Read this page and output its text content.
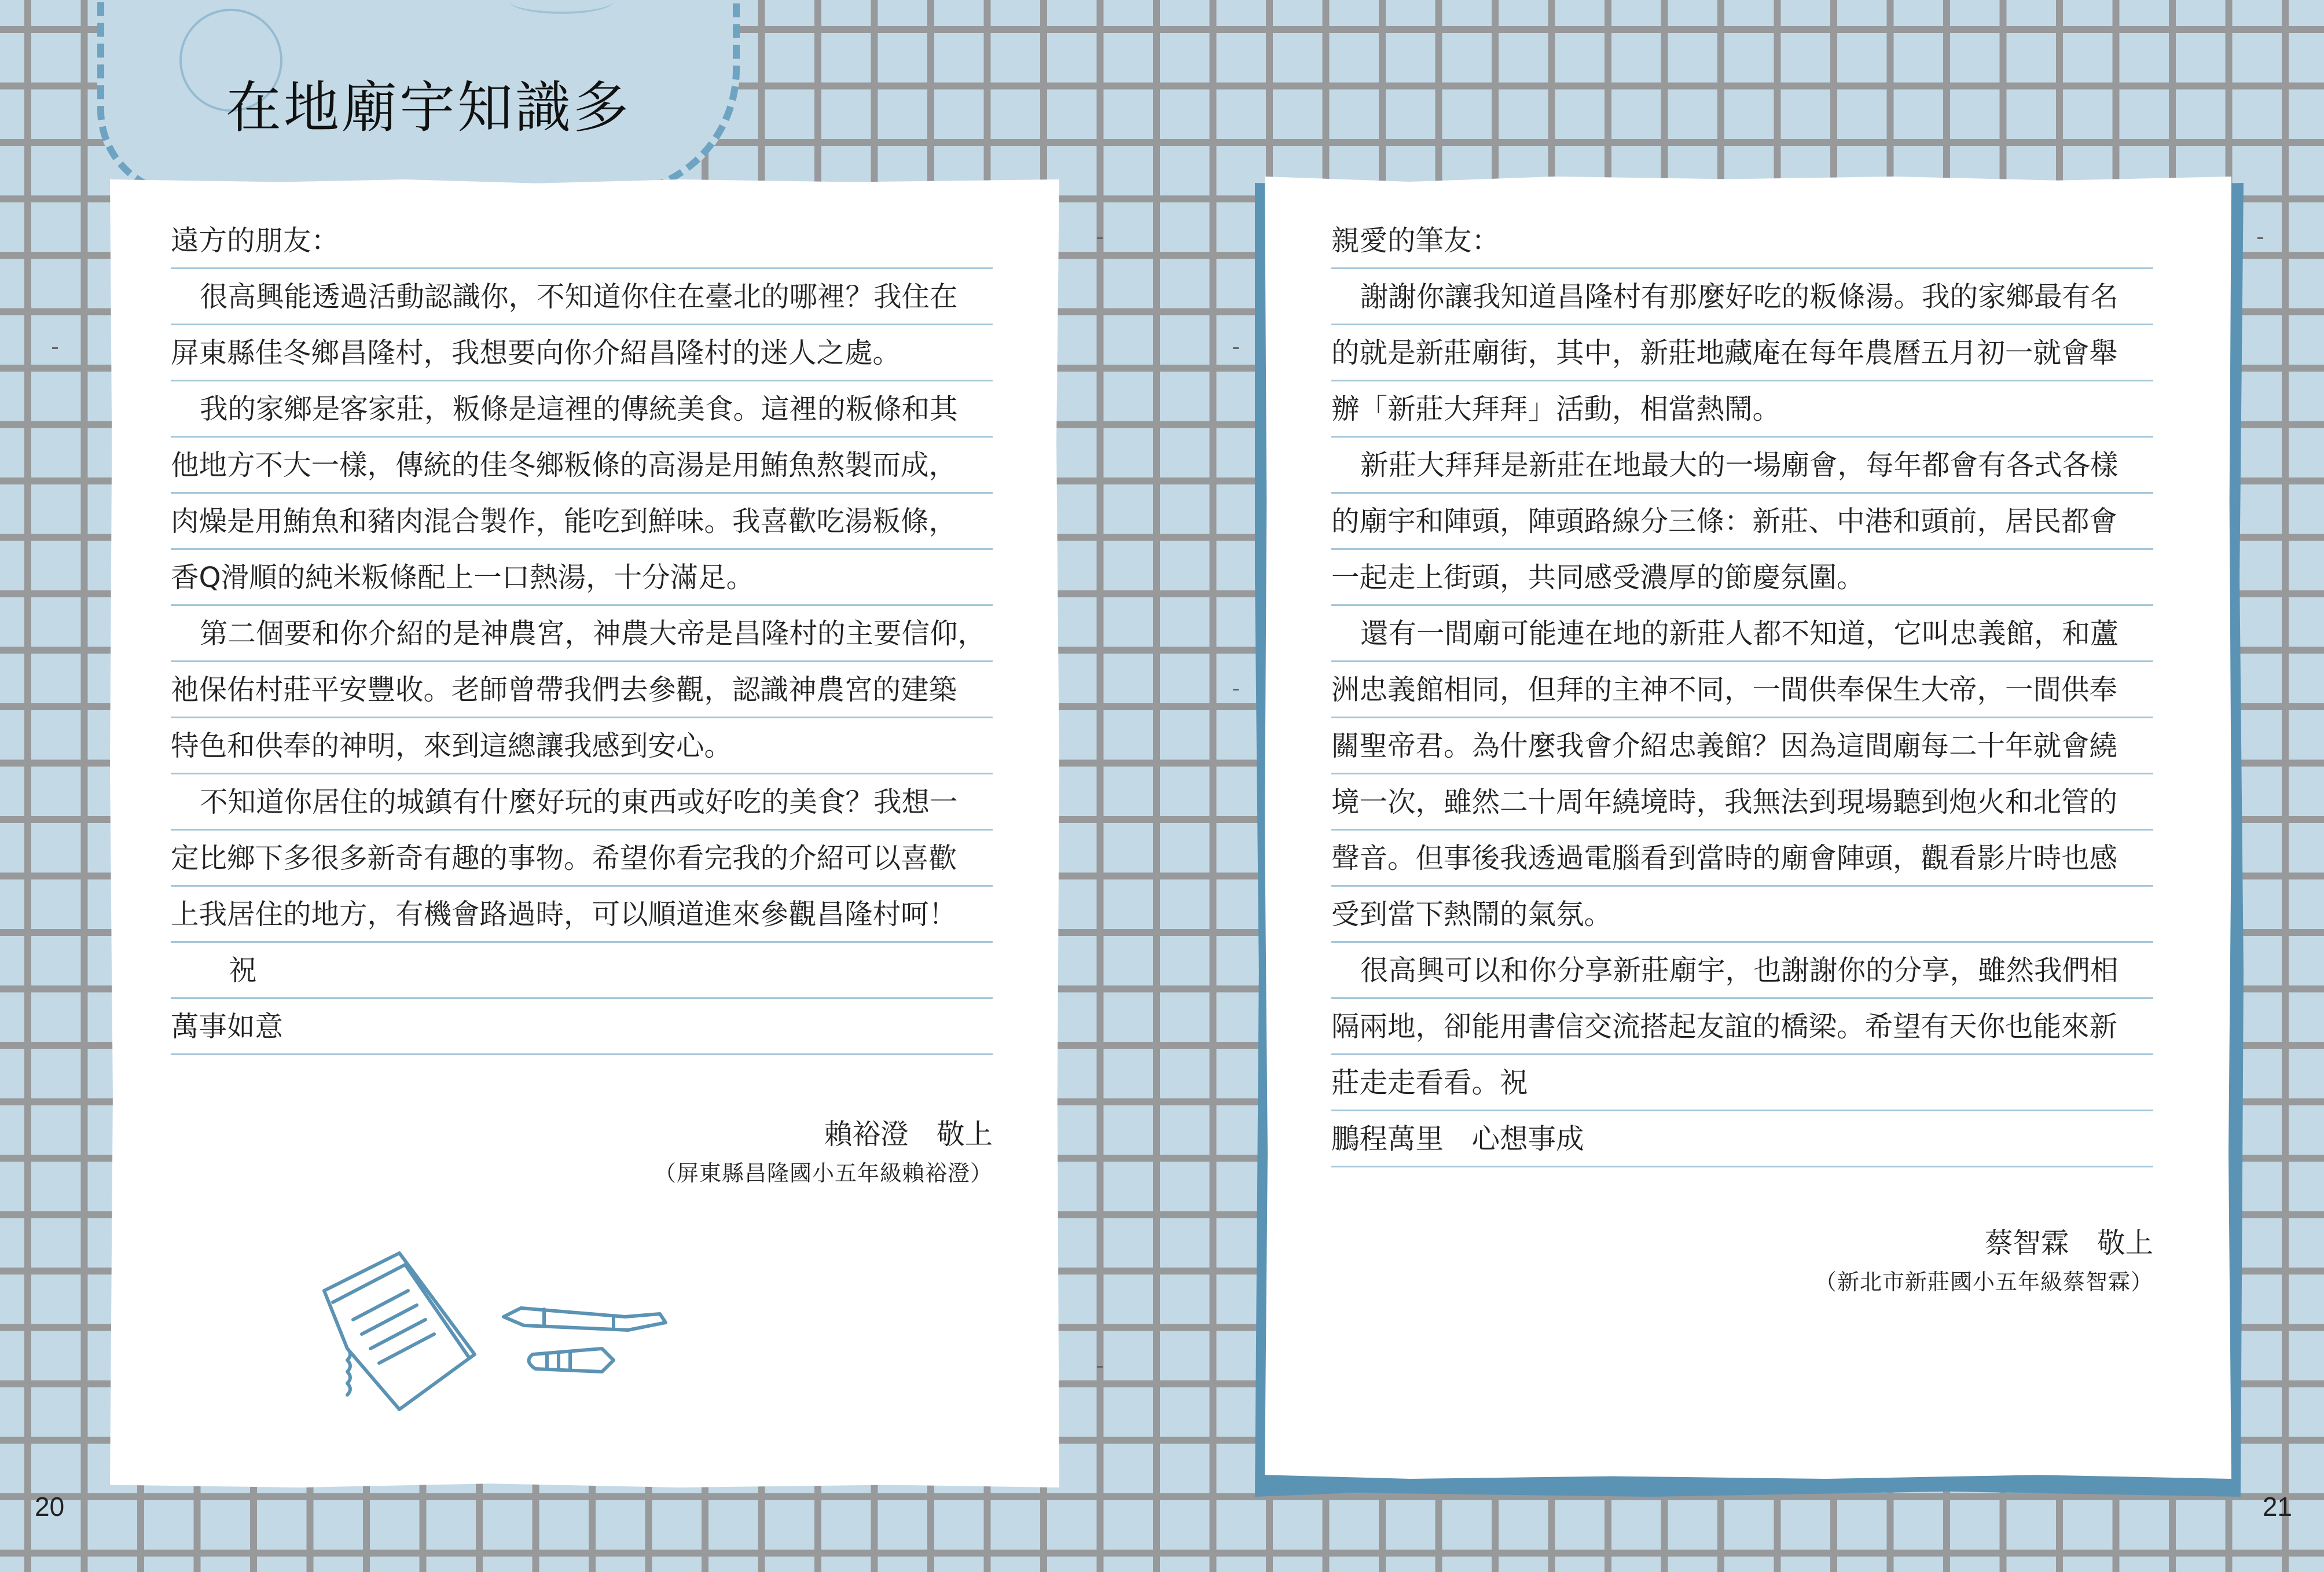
在地廟宇知識多
遠方的朋友：
很高興能透過活動認識你，不知道你住在臺北的哪裡？我住在
屏東縣佳冬鄉昌隆村，我想要向你介紹昌隆村的迷人之處。
我的家鄉是客家莊，粄條是這裡的傳統美食。這裡的粄條和其
他地方不大一樣，傳統的佳冬鄉粄條的高湯是用鮪魚熬製而成，
肉燥是用鮪魚和豬肉混合製作，能吃到鮮味。我喜歡吃湯粄條，
香Q滑順的純米粄條配上一口熱湯，十分滿足。
第二個要和你介紹的是神農宮，神農大帝是昌隆村的主要信仰，
祂保佑村莊平安豐收。老師曾帶我們去參觀，認識神農宮的建築
特色和供奉的神明，來到這總讓我感到安心。
不知道你居住的城鎮有什麼好玩的東西或好吃的美食？我想一
定比鄉下多很多新奇有趣的事物。希望你看完我的介紹可以喜歡
上我居住的地方，有機會路過時，可以順道進來參觀昌隆村呵！
祝
萬事如意
親愛的筆友：
謝謝你讓我知道昌隆村有那麼好吃的粄條湯。我的家鄉最有名
的就是新莊廟街，其中，新莊地藏庵在每年農曆五月初一就會舉
辦「新莊大拜拜」活動，相當熱鬧。
新莊大拜拜是新莊在地最大的一場廟會，每年都會有各式各樣
的廟宇和陣頭，陣頭路線分三條：新莊、中港和頭前，居民都會
一起走上街頭，共同感受濃厚的節慶氛圍。
還有一間廟可能連在地的新莊人都不知道，它叫忠義館，和蘆
洲忠義館相同，但拜的主神不同，一間供奉保生大帝，一間供奉
關聖帝君。為什麼我會介紹忠義館？因為這間廟每二十年就會繞
境一次，雖然二十周年繞境時，我無法到現場聽到炮火和北管的
聲音。但事後我透過電腦看到當時的廟會陣頭，觀看影片時也感
受到當下熱鬧的氣氛。
很高興可以和你分享新莊廟宇，也謝謝你的分享，雖然我們相
隔兩地，卻能用書信交流搭起友誼的橋梁。希望有天你也能來新
莊走走看看。祝
鵬程萬里　心想事成
賴裕澄　敬上
（屏東縣昌隆國小五年級賴裕澄）
蔡智霖　敬上
（新北市新莊國小五年級蔡智霖）
20	21
